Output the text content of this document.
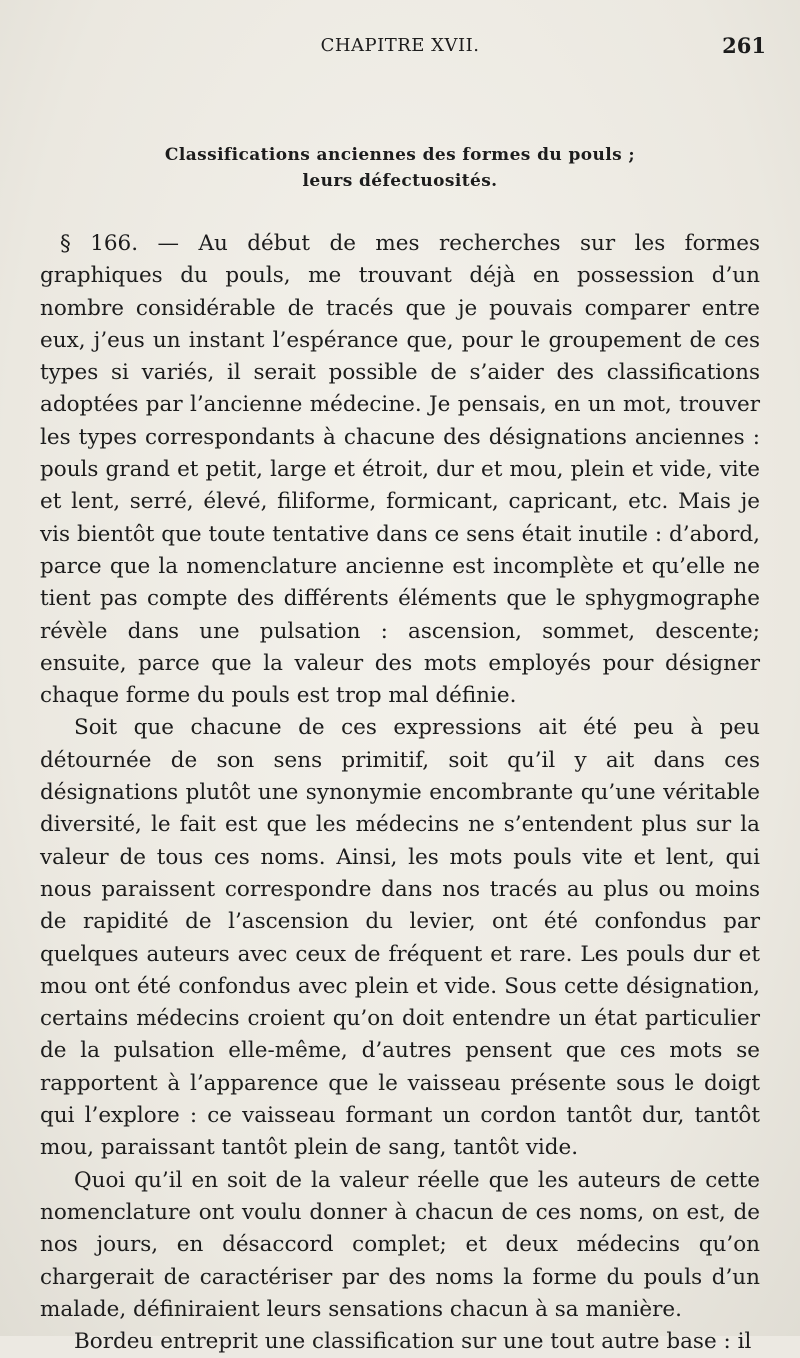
CHAPITRE XVII.	261
Classifications anciennes des formes du pouls ;
leurs défectuosités.

§ 166. — Au début de mes recherches sur les formes graphiques du pouls, me trouvant déjà en possession d’un nombre considérable de tracés que je pouvais comparer entre eux, j’eus un instant l’espérance que, pour le groupement de ces types si variés, il serait possible de s’aider des classifications adoptées par l’ancienne médecine. Je pensais, en un mot, trouver les types correspondants à chacune des désignations anciennes : pouls grand et petit, large et étroit, dur et mou, plein et vide, vite et lent, serré, élevé, filiforme, formicant, capricant, etc. Mais je vis bientôt que toute tentative dans ce sens était inutile : d’abord, parce que la nomenclature ancienne est incomplète et qu’elle ne tient pas compte des différents éléments que le sphygmographe révèle dans une pulsation : ascension, sommet, descente; ensuite, parce que la valeur des mots employés pour désigner chaque forme du pouls est trop mal définie.

Soit que chacune de ces expressions ait été peu à peu détournée de son sens primitif, soit qu’il y ait dans ces désignations plutôt une synonymie encombrante qu’une véritable diversité, le fait est que les médecins ne s’entendent plus sur la valeur de tous ces noms. Ainsi, les mots pouls vite et lent, qui nous paraissent correspondre dans nos tracés au plus ou moins de rapidité de l’ascension du levier, ont été confondus par quelques auteurs avec ceux de fréquent et rare. Les pouls dur et mou ont été confondus avec plein et vide. Sous cette désignation, certains médecins croient qu’on doit entendre un état particulier de la pulsation elle-même, d’autres pensent que ces mots se rapportent à l’apparence que le vaisseau présente sous le doigt qui l’explore : ce vaisseau formant un cordon tantôt dur, tantôt mou, paraissant tantôt plein de sang, tantôt vide.

Quoi qu’il en soit de la valeur réelle que les auteurs de cette nomenclature ont voulu donner à chacun de ces noms, on est, de nos jours, en désaccord complet; et deux médecins qu’on chargerait de caractériser par des noms la forme du pouls d’un malade, définiraient leurs sensations chacun à sa manière.

Bordeu entreprit une classification sur une tout autre base : il
